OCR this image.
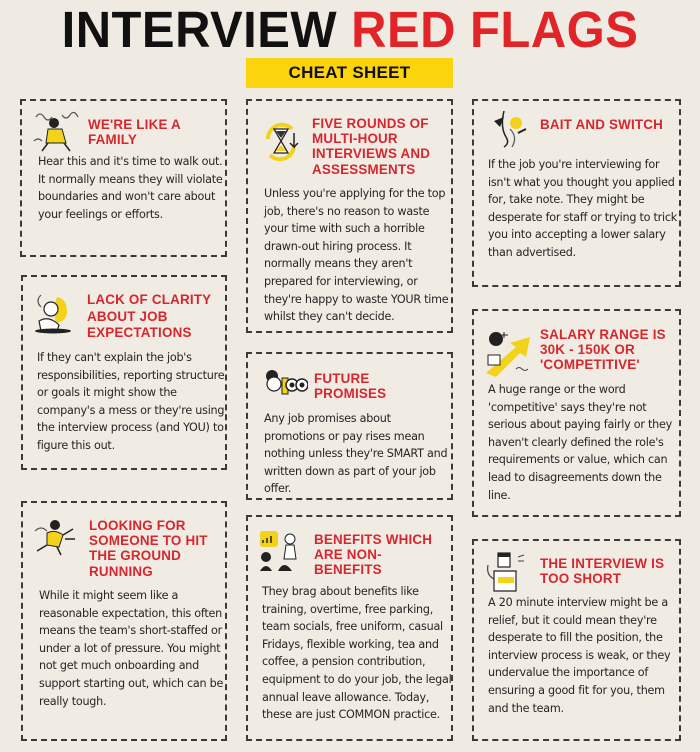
INTERVIEW RED FLAGS
CHEAT SHEET
WE'RE LIKE A FAMILY
Hear this and it's time to walk out. It normally means they will violate boundaries and won't care about your feelings or efforts.
FIVE ROUNDS OF MULTI-HOUR INTERVIEWS AND ASSESSMENTS
Unless you're applying for the top job, there's no reason to waste your time with such a horrible drawn-out hiring process. It normally means they aren't prepared for interviewing, or they're happy to waste YOUR time whilst they can't decide.
BAIT AND SWITCH
If the job you're interviewing for isn't what you thought you applied for, take note. They might be desperate for staff or trying to trick you into accepting a lower salary than advertised.
LACK OF CLARITY ABOUT JOB EXPECTATIONS
If they can't explain the job's responsibilities, reporting structure or goals it might show the company's a mess or they're using the interview process (and YOU) to figure this out.
FUTURE PROMISES
Any job promises about promotions or pay rises mean nothing unless they're SMART and written down as part of your job offer.
SALARY RANGE IS 30K - 150K OR 'COMPETITIVE'
A huge range or the word 'competitive' says they're not serious about paying fairly or they haven't clearly defined the role's requirements or value, which can lead to disagreements down the line.
LOOKING FOR SOMEONE TO HIT THE GROUND RUNNING
While it might seem like a reasonable expectation, this often means the team's short-staffed or under a lot of pressure. You might not get much onboarding and support starting out, which can be really tough.
BENEFITS WHICH ARE NON-BENEFITS
They brag about benefits like training, overtime, free parking, team socials, free uniform, casual Fridays, flexible working, tea and coffee, a pension contribution, equipment to do your job, the legal annual leave allowance. Today, these are just COMMON practice.
THE INTERVIEW IS TOO SHORT
A 20 minute interview might be a relief, but it could mean they're desperate to fill the position, the interview process is weak, or they undervalue the importance of ensuring a good fit for you, them and the team.
